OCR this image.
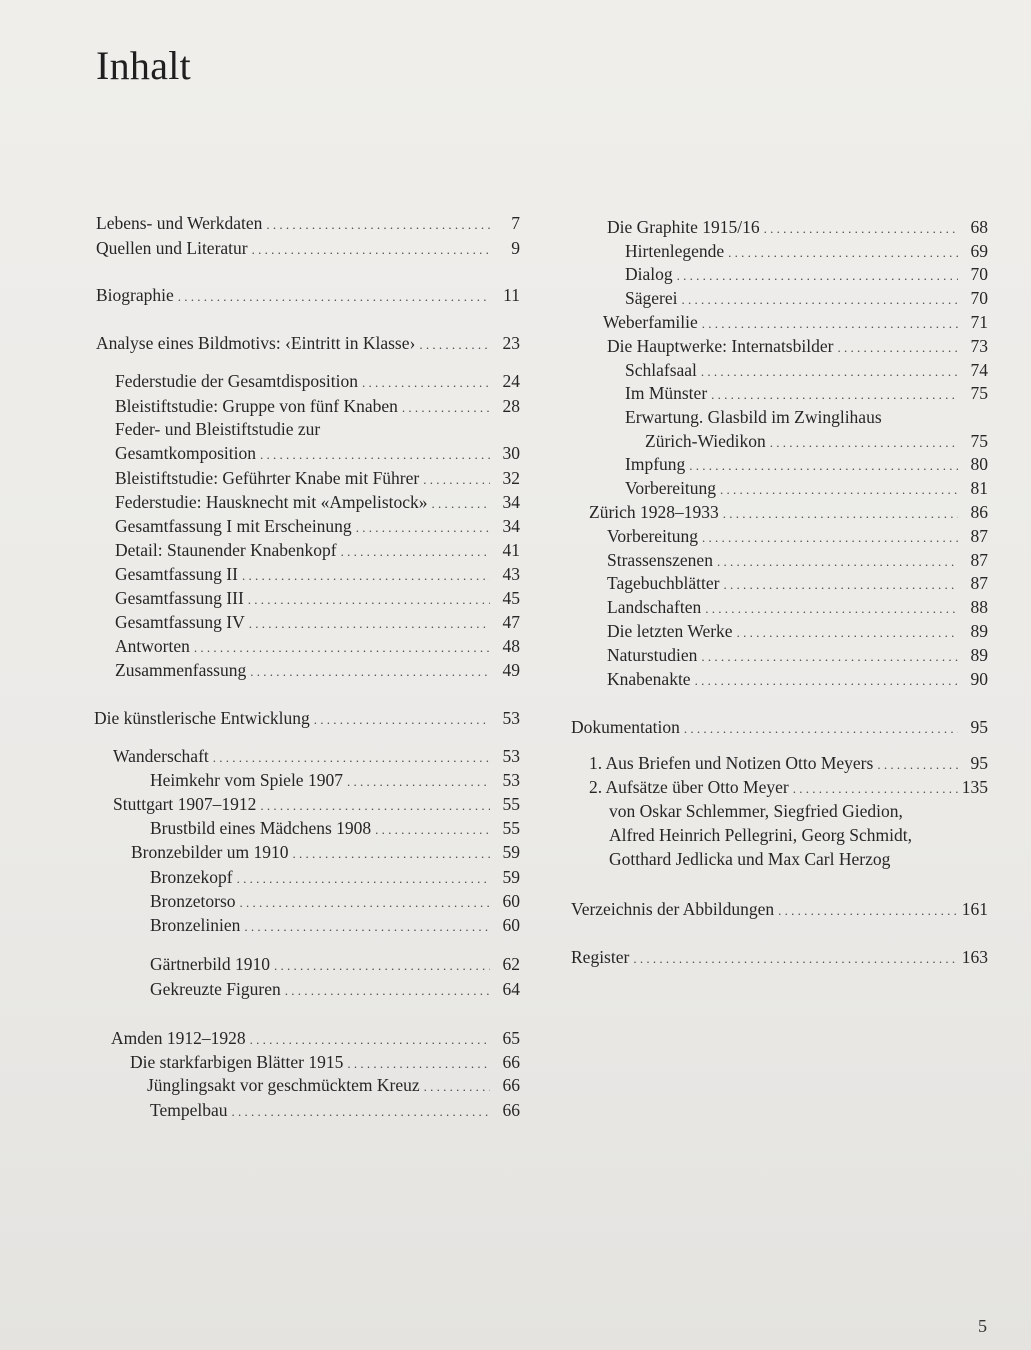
Inhalt
Lebens- und Werkdaten . . .	7
Quellen und Literatur . . .	9
Biographie . . .	11
Analyse eines Bildmotivs: ‹Eintritt in Klasse› . . .	23
Federstudie der Gesamtdisposition . . .	24
Bleistiftstudie: Gruppe von fünf Knaben . . .	28
Feder- und Bleistiftstudie zur
Gesamtkomposition . . .	30
Bleistiftstudie: Geführter Knabe mit Führer . . .	32
Federstudie: Hausknecht mit «Ampelistock» . . .	34
Gesamtfassung I mit Erscheinung . . .	34
Detail: Staunender Knabenkopf . . .	41
Gesamtfassung II . . .	43
Gesamtfassung III . . .	45
Gesamtfassung IV . . .	47
Antworten . . .	48
Zusammenfassung . . .	49
Die künstlerische Entwicklung . . .	53
Wanderschaft . . .	53
Heimkehr vom Spiele 1907 . . .	53
Stuttgart 1907–1912 . . .	55
Brustbild eines Mädchens 1908 . . .	55
Bronzebilder um 1910 . . .	59
Bronzekopf . . .	59
Bronzetorso . . .	60
Bronzelinien . . .	60
Gärtnerbild 1910 . . .	62
Gekreuzte Figuren . . .	64
Amden 1912–1928 . . .	65
Die starkfarbigen Blätter 1915 . . .	66
Jünglingsakt vor geschmücktem Kreuz . . .	66
Tempelbau . . .	66
Die Graphite 1915/16 . . .	68
Hirtenlegende . . .	69
Dialog . . .	70
Sägerei . . .	70
Weberfamilie . . .	71
Die Hauptwerke: Internatsbilder . . .	73
Schlafsaal . . .	74
Im Münster . . .	75
Erwartung. Glasbild im Zwinglihaus
Zürich-Wiedikon . . .	75
Impfung . . .	80
Vorbereitung . . .	81
Zürich 1928–1933 . . .	86
Vorbereitung . . .	87
Strassenszenen . . .	87
Tagebuchblätter . . .	87
Landschaften . . .	88
Die letzten Werke . . .	89
Naturstudien . . .	89
Knabenakte . . .	90
Dokumentation . . .	95
1. Aus Briefen und Notizen Otto Meyers . . .	95
2. Aufsätze über Otto Meyer . . .	135
von Oskar Schlemmer, Siegfried Giedion,
Alfred Heinrich Pellegrini, Georg Schmidt,
Gotthard Jedlicka und Max Carl Herzog
Verzeichnis der Abbildungen . . .	161
Register . . .	163
5
